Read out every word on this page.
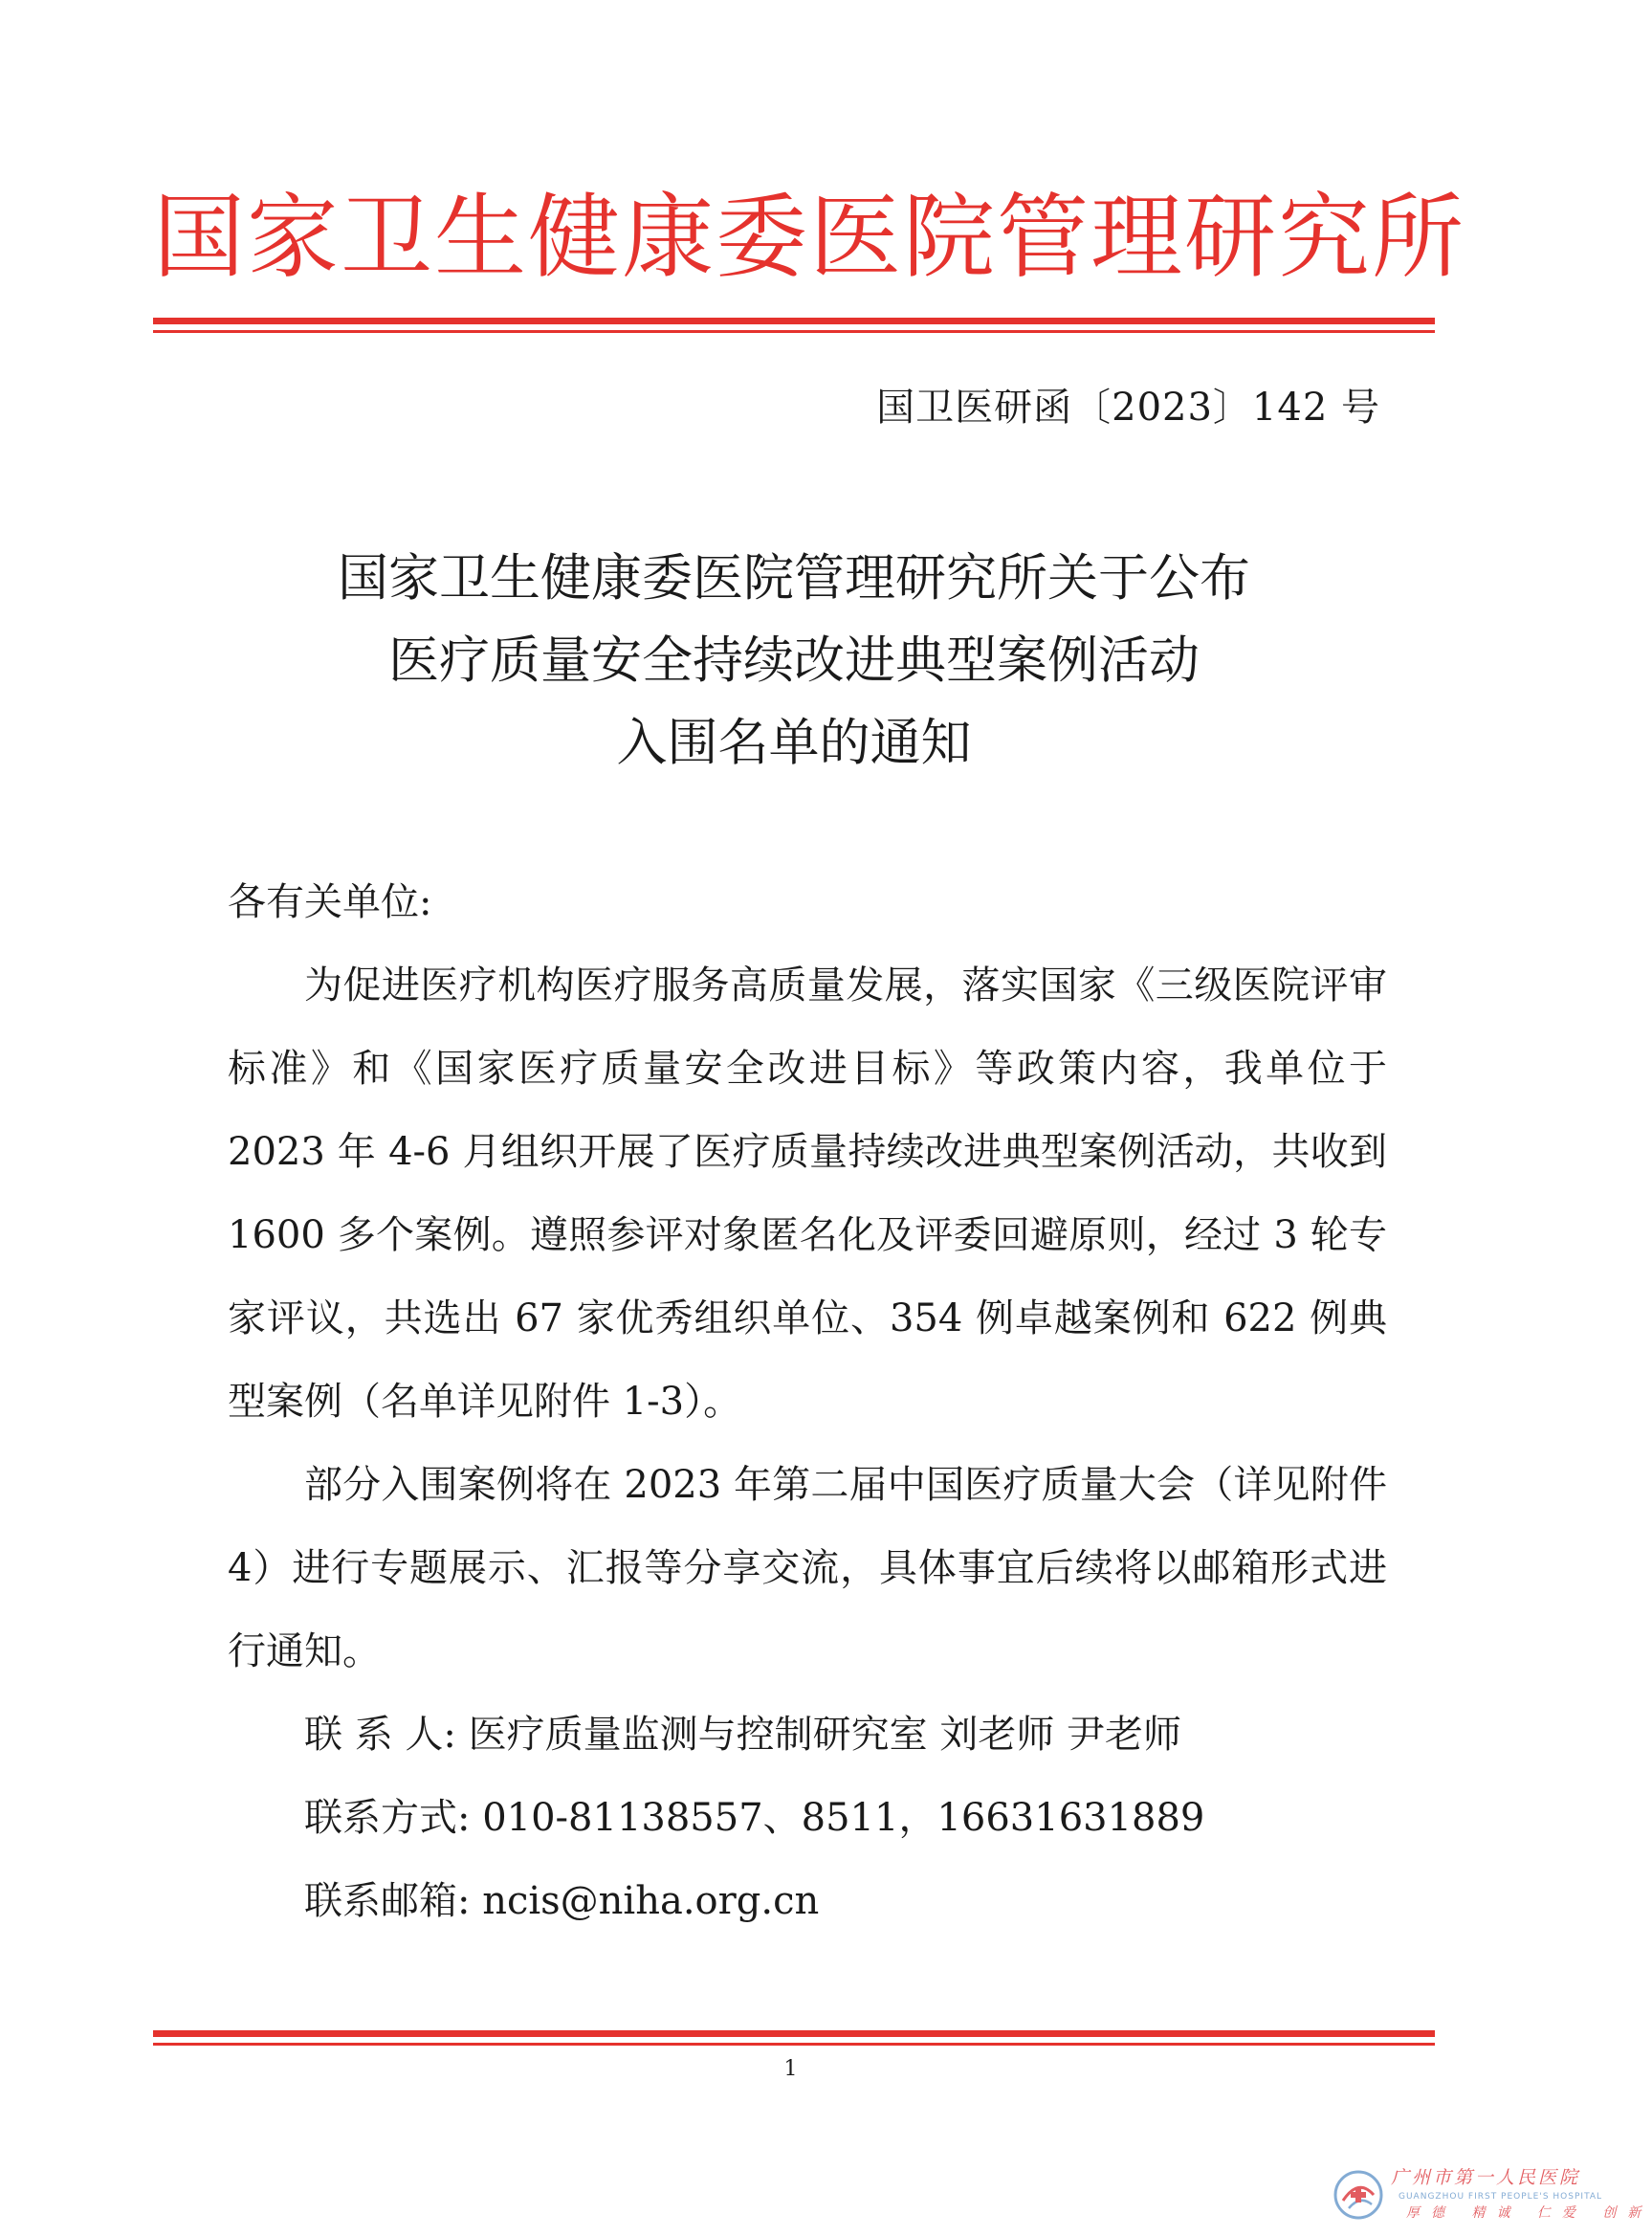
国家卫生健康委医院管理研究所
国卫医研函〔2023〕142 号
国家卫生健康委医院管理研究所关于公布
医疗质量安全持续改进典型案例活动
入围名单的通知
各有关单位:

为促进医疗机构医疗服务高质量发展，落实国家《三级医院评审标准》和《国家医疗质量安全改进目标》等政策内容，我单位于 2023 年 4-6 月组织开展了医疗质量持续改进典型案例活动，共收到 1600 多个案例。遵照参评对象匿名化及评委回避原则，经过 3 轮专家评议，共选出 67 家优秀组织单位、354 例卓越案例和 622 例典型案例（名单详见附件 1-3）。

部分入围案例将在 2023 年第二届中国医疗质量大会（详见附件 4）进行专题展示、汇报等分享交流，具体事宜后续将以邮箱形式进行通知。

联 系 人: 医疗质量监测与控制研究室 刘老师 尹老师
联系方式: 010-81138557、8511，16631631889
联系邮箱: ncis@niha.org.cn
1
广州市第一人民医院
GUANGZHOU FIRST PEOPLE'S HOSPITAL
厚德 精诚 仁爱 创新
